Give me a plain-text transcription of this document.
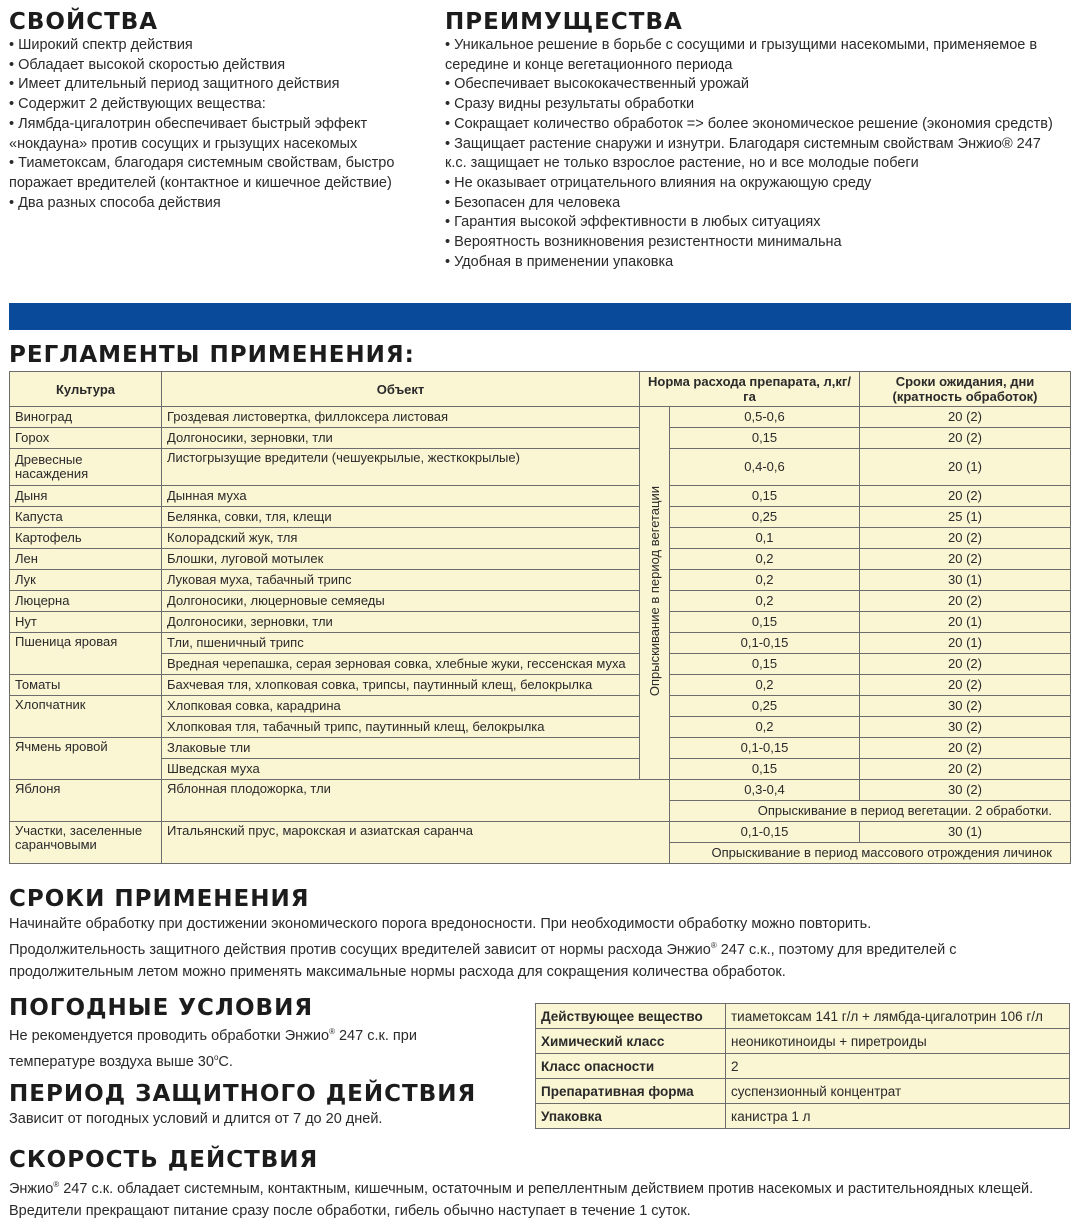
СВОЙСТВА
• Широкий спектр действия
• Обладает высокой скоростью действия
• Имеет длительный период защитного действия
• Содержит 2 действующих вещества:
• Лямбда-цигалотрин обеспечивает быстрый эффект «нокдауна» против сосущих и грызущих насекомых
• Тиаметоксам, благодаря системным свойствам, быстро поражает вредителей (контактное и кишечное действие)
• Два разных способа действия
ПРЕИМУЩЕСТВА
• Уникальное решение в борьбе с сосущими и грызущими насекомыми, применяемое в середине и конце вегетационного периода
• Обеспечивает высококачественный урожай
• Сразу видны результаты обработки
• Сокращает количество обработок => более экономическое решение (экономия средств)
• Защищает растение снаружи и изнутри. Благодаря системным свойствам Энжио® 247 к.с. защищает не только взрослое растение, но и все молодые побеги
• Не оказывает отрицательного влияния на окружающую среду
• Безопасен для человека
• Гарантия высокой эффективности в любых ситуациях
• Вероятность возникновения резистентности минимальна
• Удобная в применении упаковка
РЕГЛАМЕНТЫ ПРИМЕНЕНИЯ:
Культура	Объект	Норма расхода препарата, л,кг/га		Сроки ожидания, дни (кратность обработок)
Виноград	Гроздевая листовертка, филлоксера листовая	Опрыскивание в период вегетации	0,5-0,6	20 (2)
Горох	Долгоносики, зерновки, тли		0,15	20 (2)
Древесные насаждения	Листогрызущие вредители (чешуекрылые, жесткокрылые)		0,4-0,6	20 (1)
Дыня	Дынная муха		0,15	20 (2)
Капуста	Белянка, совки, тля, клещи		0,25	25 (1)
Картофель	Колорадский жук, тля		0,1	20 (2)
Лен	Блошки, луговой мотылек		0,2	20 (2)
Лук	Луковая муха, табачный трипс		0,2	30 (1)
Люцерна	Долгоносики, люцерновые семяеды		0,2	20 (2)
Нут	Долгоносики, зерновки, тли		0,15	20 (1)
Пшеница яровая	Тли, пшеничный трипс		0,1-0,15	20 (1)
	Вредная черепашка, серая зерновая совка, хлебные жуки, гессенская муха		0,15	20 (2)
Томаты	Бахчевая тля, хлопковая совка, трипсы, паутинный клещ, белокрылка		0,2	20 (2)
Хлопчатник	Хлопковая совка, карадрина		0,25	30 (2)
	Хлопковая тля, табачный трипс, паутинный клещ, белокрылка		0,2	30 (2)
Ячмень яровой	Злаковые тли		0,1-0,15	20 (2)
	Шведская муха		0,15	20 (2)
Яблоня	Яблонная плодожорка, тли		0,3-0,4	30 (2)
			Опрыскивание в период вегетации. 2 обработки.	
Участки, заселенные саранчовыми	Итальянский прус, марокская и азиатская саранча		0,1-0,15	30 (1)
			Опрыскивание в период массового отрождения личинок	
СРОКИ ПРИМЕНЕНИЯ
Начинайте обработку при достижении экономического порога вредоносности. При необходимости обработку можно повторить.
Продолжительность защитного действия против сосущих вредителей зависит от нормы расхода Энжио® 247 с.к., поэтому для вредителей с продолжительным летом можно применять максимальные нормы расхода для сокращения количества обработок.
ПОГОДНЫЕ УСЛОВИЯ
Не рекомендуется проводить обработки Энжио® 247 с.к. при температуре воздуха выше $30^оС$.
ПЕРИОД ЗАЩИТНОГО ДЕЙСТВИЯ
Зависит от погодных условий и длится от 7 до 20 дней.
Действующее вещество	тиаметоксам 141 г/л + лямбда-цигалотрин 106 г/л
Химический класс	неоникотиноиды + пиретроиды
Класс опасности	2
Препаративная форма	суспензионный концентрат
Упаковка	канистра 1 л
СКОРОСТЬ ДЕЙСТВИЯ
Энжио® 247 с.к. обладает системным, контактным, кишечным, остаточным и репеллентным действием против насекомых и растительноядных клещей. Вредители прекращают питание сразу после обработки, гибель обычно наступает в течение 1 суток.
